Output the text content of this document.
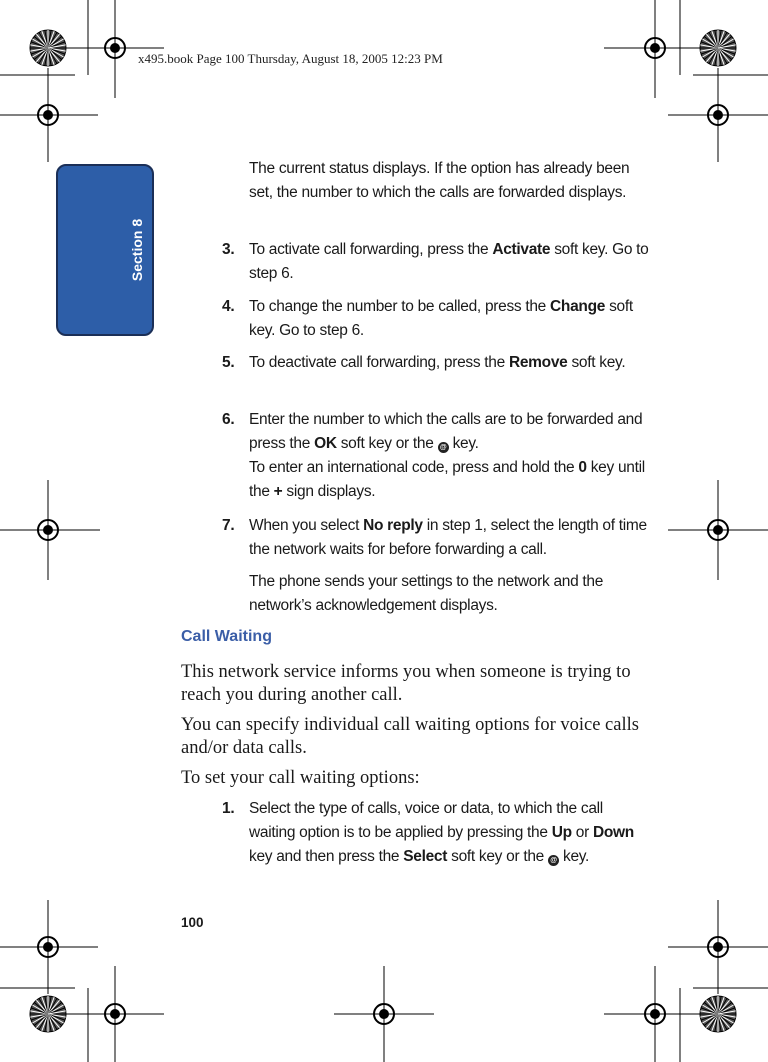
x495.book Page 100 Thursday, August 18, 2005 12:23 PM
Section 8
The current status displays. If the option has already been set, the number to which the calls are forwarded displays.
3. To activate call forwarding, press the Activate soft key. Go to step 6.
4. To change the number to be called, press the Change soft key. Go to step 6.
5. To deactivate call forwarding, press the Remove soft key.
6. Enter the number to which the calls are to be forwarded and press the OK soft key or the @ key.
To enter an international code, press and hold the 0 key until the + sign displays.
7. When you select No reply in step 1, select the length of time the network waits for before forwarding a call.
The phone sends your settings to the network and the network’s acknowledgement displays.
Call Waiting
This network service informs you when someone is trying to reach you during another call.
You can specify individual call waiting options for voice calls and/or data calls.
To set your call waiting options:
1. Select the type of calls, voice or data, to which the call waiting option is to be applied by pressing the Up or Down key and then press the Select soft key or the @ key.
100
